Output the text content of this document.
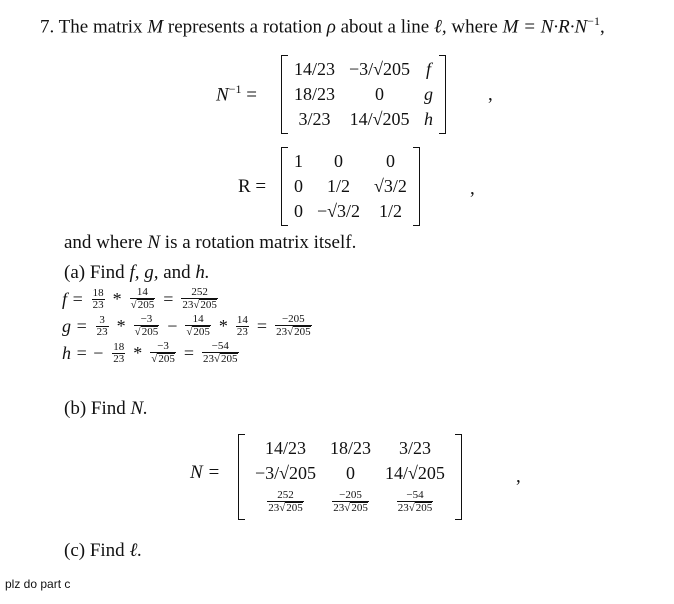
7. The matrix M represents a rotation ρ about a line ℓ, where $M = N\cdot R\cdot N^{-1}$,
$N^{-1}$ =
14/23	−3/√205	f
18/23	0	g
3/23	14/√205	h
,
R =
1	0	0
0	1/2	√3/2
0	−√3/2	1/2
,
and where N is a rotation matrix itself.
(a) Find f, g, and h.
$f = \frac{18}{23} * \frac{14}{√205} = \frac{252}{23√205}$
$g = \frac{3}{23} * \frac{-3}{√205} - \frac{14}{√205} * \frac{14}{23} = \frac{-205}{23√205}$
h = − $\frac{18}{23} * \frac{-3}{√205} = \frac{-54}{23√205}$
(b) Find N.
N =
14/23	18/23	3/23
−3/√205	0	14/√205

$\frac{252}{23√205}$	$\frac{-205}{23√205}$	$\frac{-54}{23√205}$
,
(c) Find ℓ.
plz do part c
